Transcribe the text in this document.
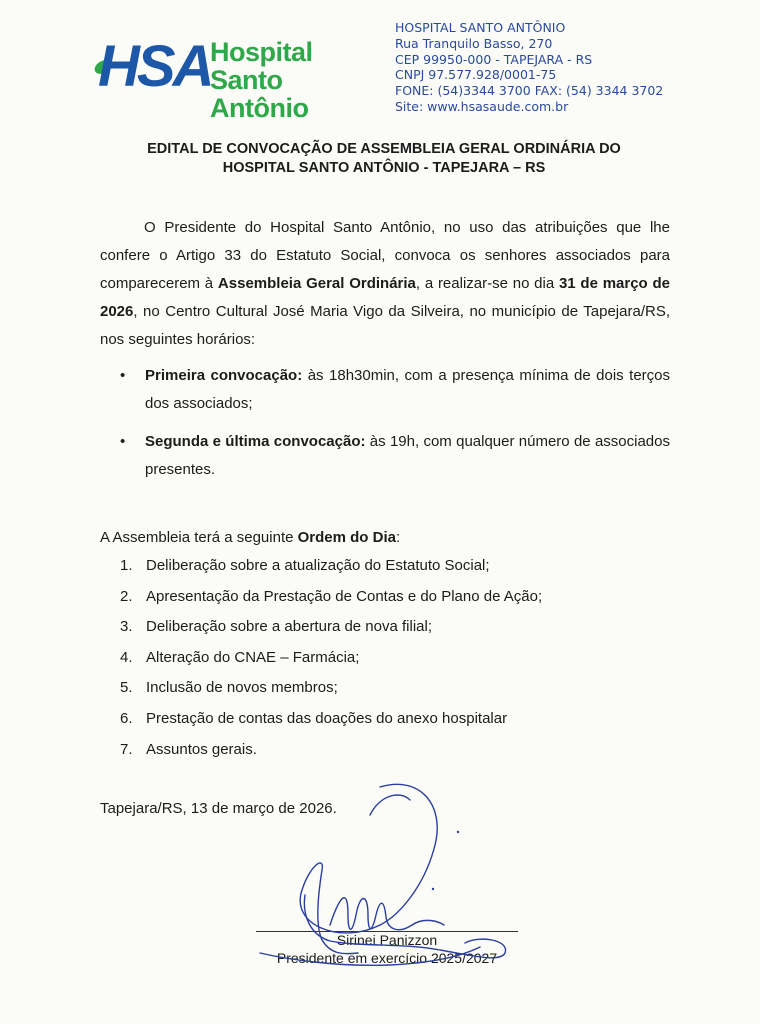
HSA
Hospital
Santo Antônio
HOSPITAL SANTO ANTÔNIO
Rua Tranquilo Basso, 270
CEP 99950-000 - TAPEJARA - RS
CNPJ 97.577.928/0001-75
FONE: (54)3344 3700 FAX: (54) 3344 3702
Site: www.hsasaude.com.br
EDITAL DE CONVOCAÇÃO DE ASSEMBLEIA GERAL ORDINÁRIA DO
HOSPITAL SANTO ANTÔNIO - TAPEJARA – RS
O Presidente do Hospital Santo Antônio, no uso das atribuições que lhe confere o Artigo 33 do Estatuto Social, convoca os senhores associados para comparecerem à Assembleia Geral Ordinária, a realizar-se no dia 31 de março de 2026, no Centro Cultural José Maria Vigo da Silveira, no município de Tapejara/RS, nos seguintes horários:
• Primeira convocação: às 18h30min, com a presença mínima de dois terços dos associados;
• Segunda e última convocação: às 19h, com qualquer número de associados presentes.
A Assembleia terá a seguinte Ordem do Dia:
1. Deliberação sobre a atualização do Estatuto Social;
2. Apresentação da Prestação de Contas e do Plano de Ação;
3. Deliberação sobre a abertura de nova filial;
4. Alteração do CNAE – Farmácia;
5. Inclusão de novos membros;
6. Prestação de contas das doações do anexo hospitalar
7. Assuntos gerais.
Tapejara/RS, 13 de março de 2026.
Sirinei Panizzon
Presidente em exercício 2025/2027
